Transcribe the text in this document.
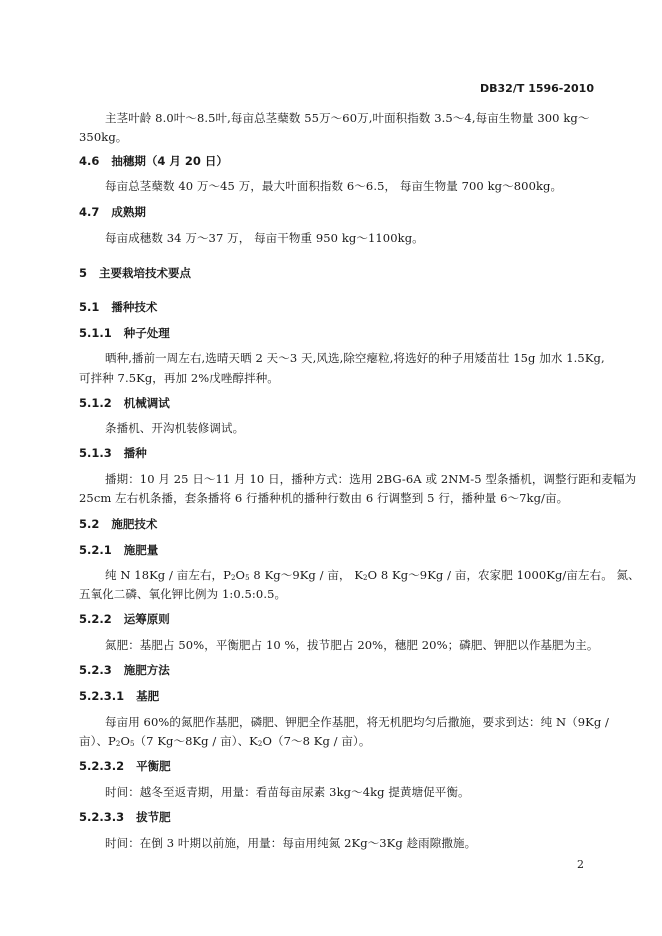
DB32/T 1596-2010
主茎叶龄 8.0叶～8.5叶,每亩总茎蘖数 55万～60万,叶面积指数 3.5～4,每亩生物量 300 kg～
350kg。
4.6 抽穗期（4 月 20 日）
每亩总茎蘖数 40 万～45 万，最大叶面积指数 6～6.5， 每亩生物量 700 kg～800kg。
4.7 成熟期
每亩成穗数 34 万～37 万， 每亩干物重 950 kg～1100kg。
5 主要栽培技术要点
5.1 播种技术
5.1.1 种子处理
晒种,播前一周左右,选晴天晒 2 天～3 天,风选,除空瘪粒,将选好的种子用矮苗壮 15g 加水 1.5Kg,
可拌种 7.5Kg，再加 2%戊唑醇拌种。
5.1.2 机械调试
条播机、开沟机装修调试。
5.1.3 播种
播期：10 月 25 日～11 月 10 日，播种方式：选用 2BG-6A 或 2NM-5 型条播机，调整行距和麦幅为
25cm 左右机条播，套条播将 6 行播种机的播种行数由 6 行调整到 5 行，播种量 6～7kg/亩。
5.2 施肥技术
5.2.1 施肥量
纯 N 18Kg / 亩左右，$P_2O_5$ 8 Kg～9Kg / 亩， $K_2O$ 8 Kg～9Kg / 亩，农家肥 1000Kg/亩左右。 氮、
五氧化二磷、氧化钾比例为 1:0.5:0.5。
5.2.2 运筹原则
氮肥：基肥占 50%，平衡肥占 10 %，拔节肥占 20%，穗肥 20%；磷肥、钾肥以作基肥为主。
5.2.3 施肥方法
5.2.3.1 基肥
每亩用 60%的氮肥作基肥，磷肥、钾肥全作基肥，将无机肥均匀后撒施，要求到达：纯 N（9Kg /
亩）、$P_2O_5(7$ Kg～8Kg / 亩）、$K_2O(7\sim 8$ Kg / 亩）。
5.2.3.2 平衡肥
时间：越冬至返青期，用量：看苗每亩尿素 3kg～4kg 提黄塘促平衡。
5.2.3.3 拔节肥
时间：在倒 3 叶期以前施，用量：每亩用纯氮 2Kg～3Kg 趁雨隙撒施。
2
